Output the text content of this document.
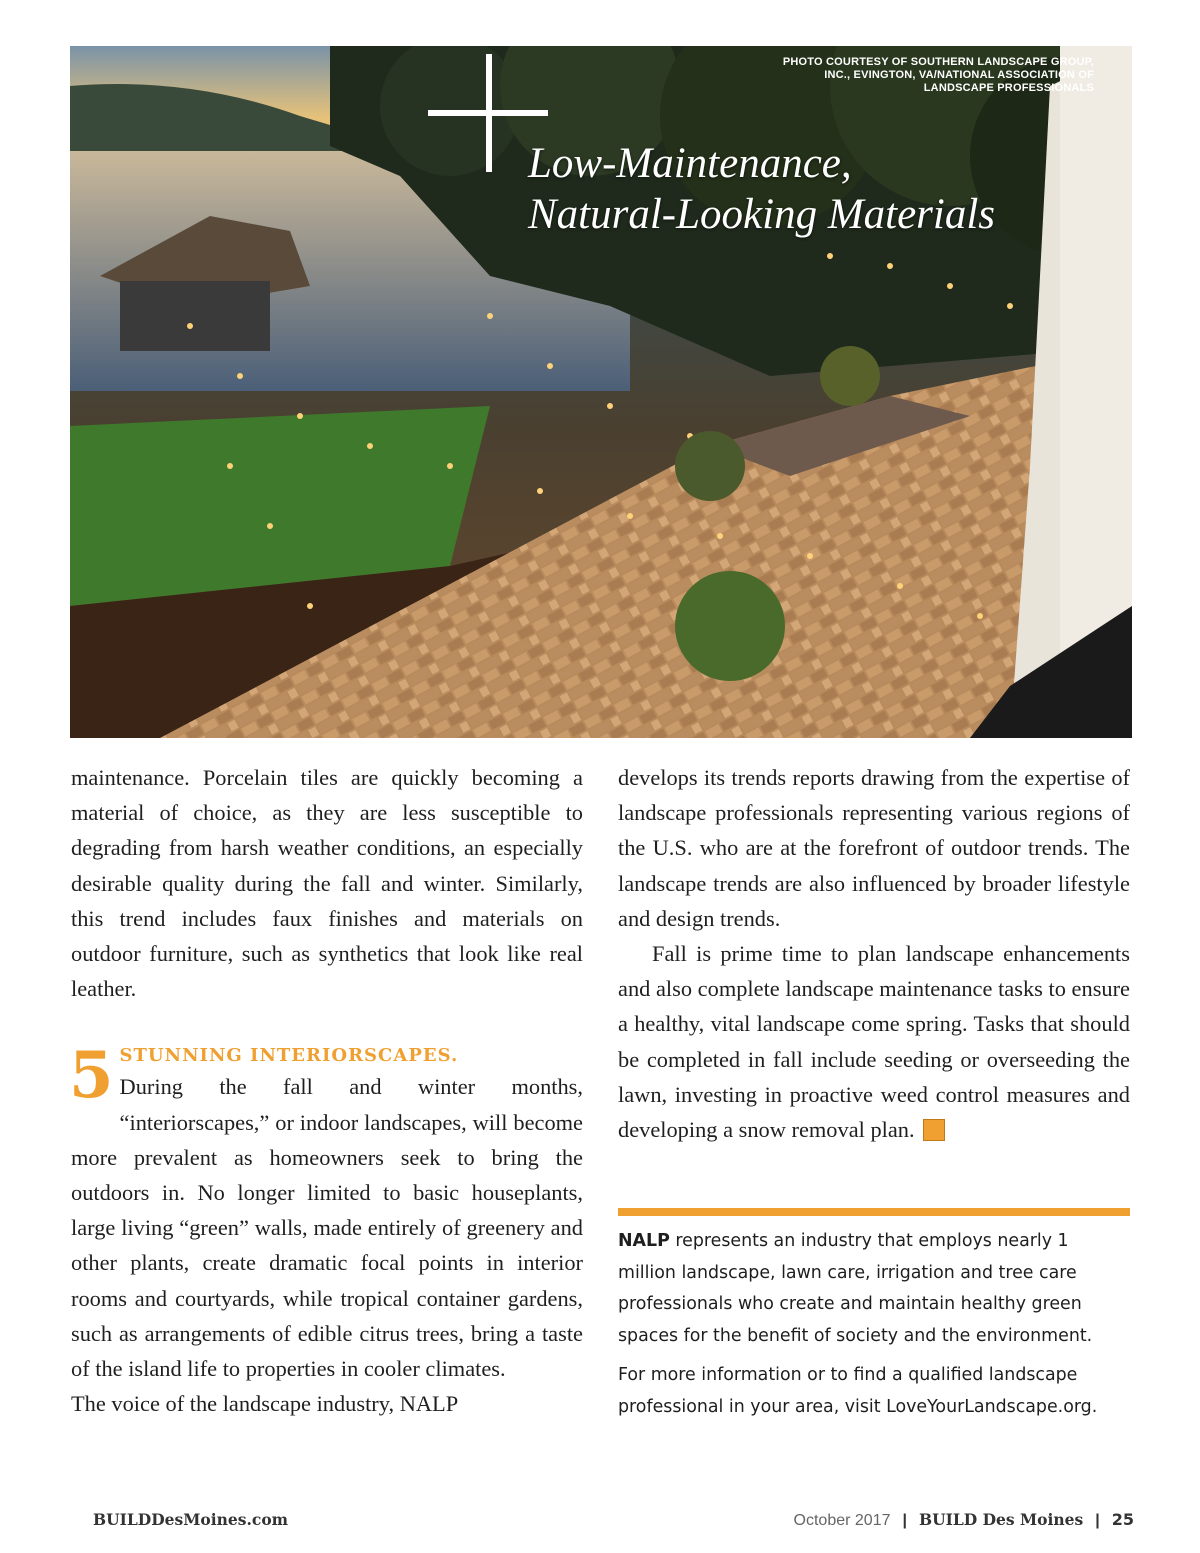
PHOTO COURTESY OF SOUTHERN LANDSCAPE GROUP, INC., EVINGTON, VA/NATIONAL ASSOCIATION OF LANDSCAPE PROFESSIONALS
Low-Maintenance,
Natural-Looking Materials

maintenance. Porcelain tiles are quickly becoming a material of choice, as they are less susceptible to degrading from harsh weather conditions, an especially desirable quality during the fall and winter. Similarly, this trend includes faux finishes and materials on outdoor furniture, such as synthetics that look like real leather.

5 STUNNING INTERIORSCAPES.

During the fall and winter months, “interiorscapes,” or indoor landscapes, will become more prevalent as homeowners seek to bring the outdoors in. No longer limited to basic houseplants, large living “green” walls, made entirely of greenery and other plants, create dramatic focal points in interior rooms and courtyards, while tropical container gardens, such as arrangements of edible citrus trees, bring a taste of the island life to properties in cooler climates.

The voice of the landscape industry, NALP

develops its trends reports drawing from the expertise of landscape professionals representing various regions of the U.S. who are at the forefront of outdoor trends. The landscape trends are also influenced by broader lifestyle and design trends.

Fall is prime time to plan landscape enhancements and also complete landscape maintenance tasks to ensure a healthy, vital landscape come spring. Tasks that should be completed in fall include seeding or overseeding the lawn, investing in proactive weed control measures and developing a snow removal plan.	B

NALP represents an industry that employs nearly 1 million landscape, lawn care, irrigation and tree care professionals who create and maintain healthy green spaces for the benefit of society and the environment.

For more information or to find a qualified landscape professional in your area, visit LoveYourLandscape.org.

BUILDDesMoines.com	October 2017 | BUILD Des Moines | 25
